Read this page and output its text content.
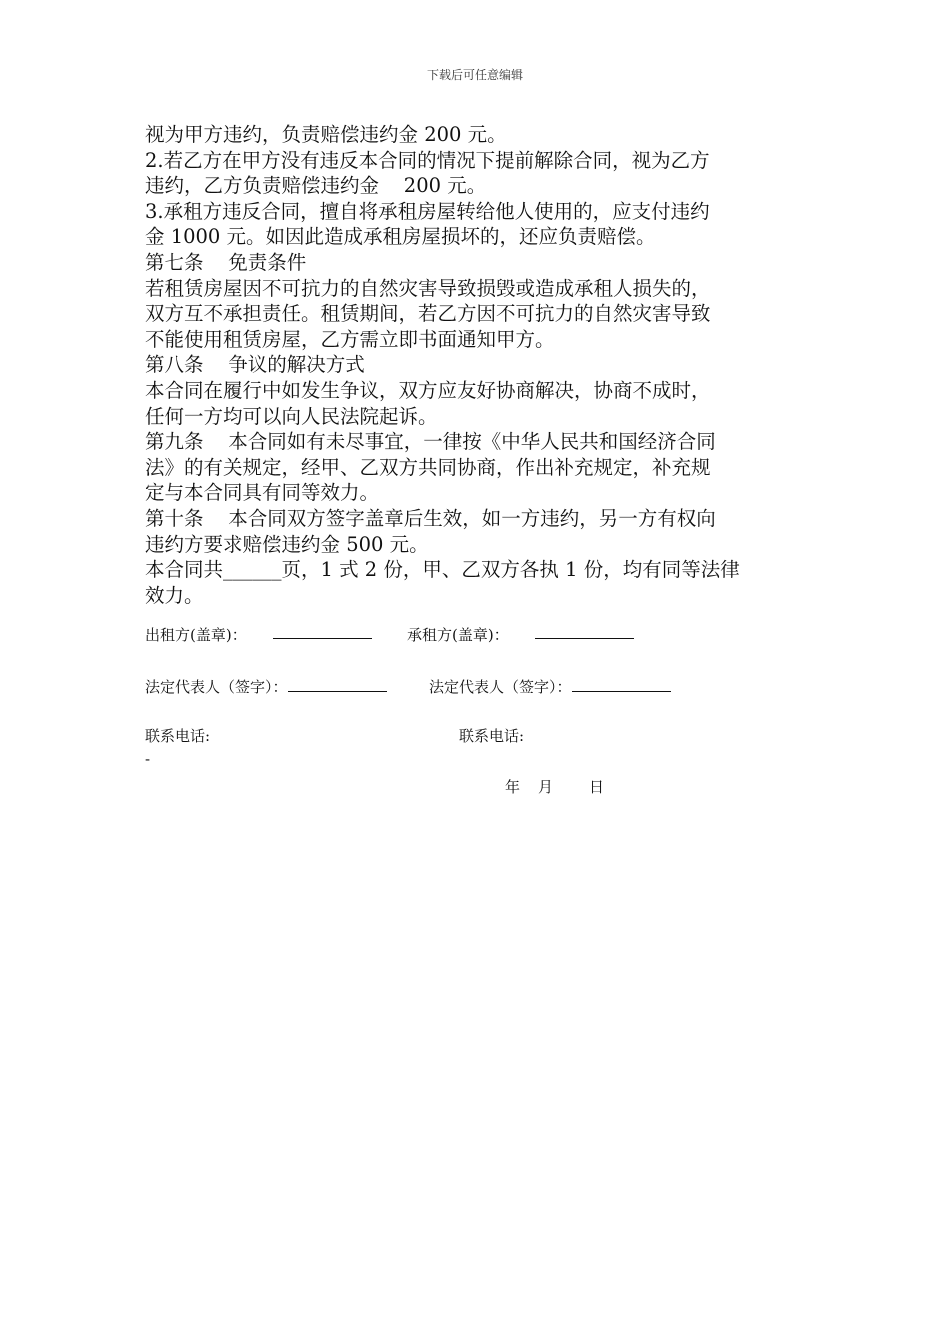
下载后可任意编辑
视为甲方违约，负责赔偿违约金 200 元。
2.若乙方在甲方没有违反本合同的情况下提前解除合同，视为乙方
违约，乙方负责赔偿违约金    200 元。
3.承租方违反合同，擅自将承租房屋转给他人使用的，应支付违约
金 1000 元。如因此造成承租房屋损坏的，还应负责赔偿。
第七条    免责条件
若租赁房屋因不可抗力的自然灾害导致损毁或造成承租人损失的，
双方互不承担责任。租赁期间，若乙方因不可抗力的自然灾害导致
不能使用租赁房屋，乙方需立即书面通知甲方。
第八条    争议的解决方式
本合同在履行中如发生争议，双方应友好协商解决，协商不成时，
任何一方均可以向人民法院起诉。
第九条    本合同如有未尽事宜，一律按《中华人民共和国经济合同
法》的有关规定，经甲、乙双方共同协商，作出补充规定，补充规
定与本合同具有同等效力。
第十条    本合同双方签字盖章后生效，如一方违约，另一方有权向
违约方要求赔偿违约金 500 元。
本合同共______页，1 式 2 份，甲、乙双方各执 1 份，均有同等法律
效力。
出租方(盖章)：	承租方(盖章)：
法定代表人（签字）：	法定代表人（签字）：
联系电话:	联系电话:
-
年 月 日
